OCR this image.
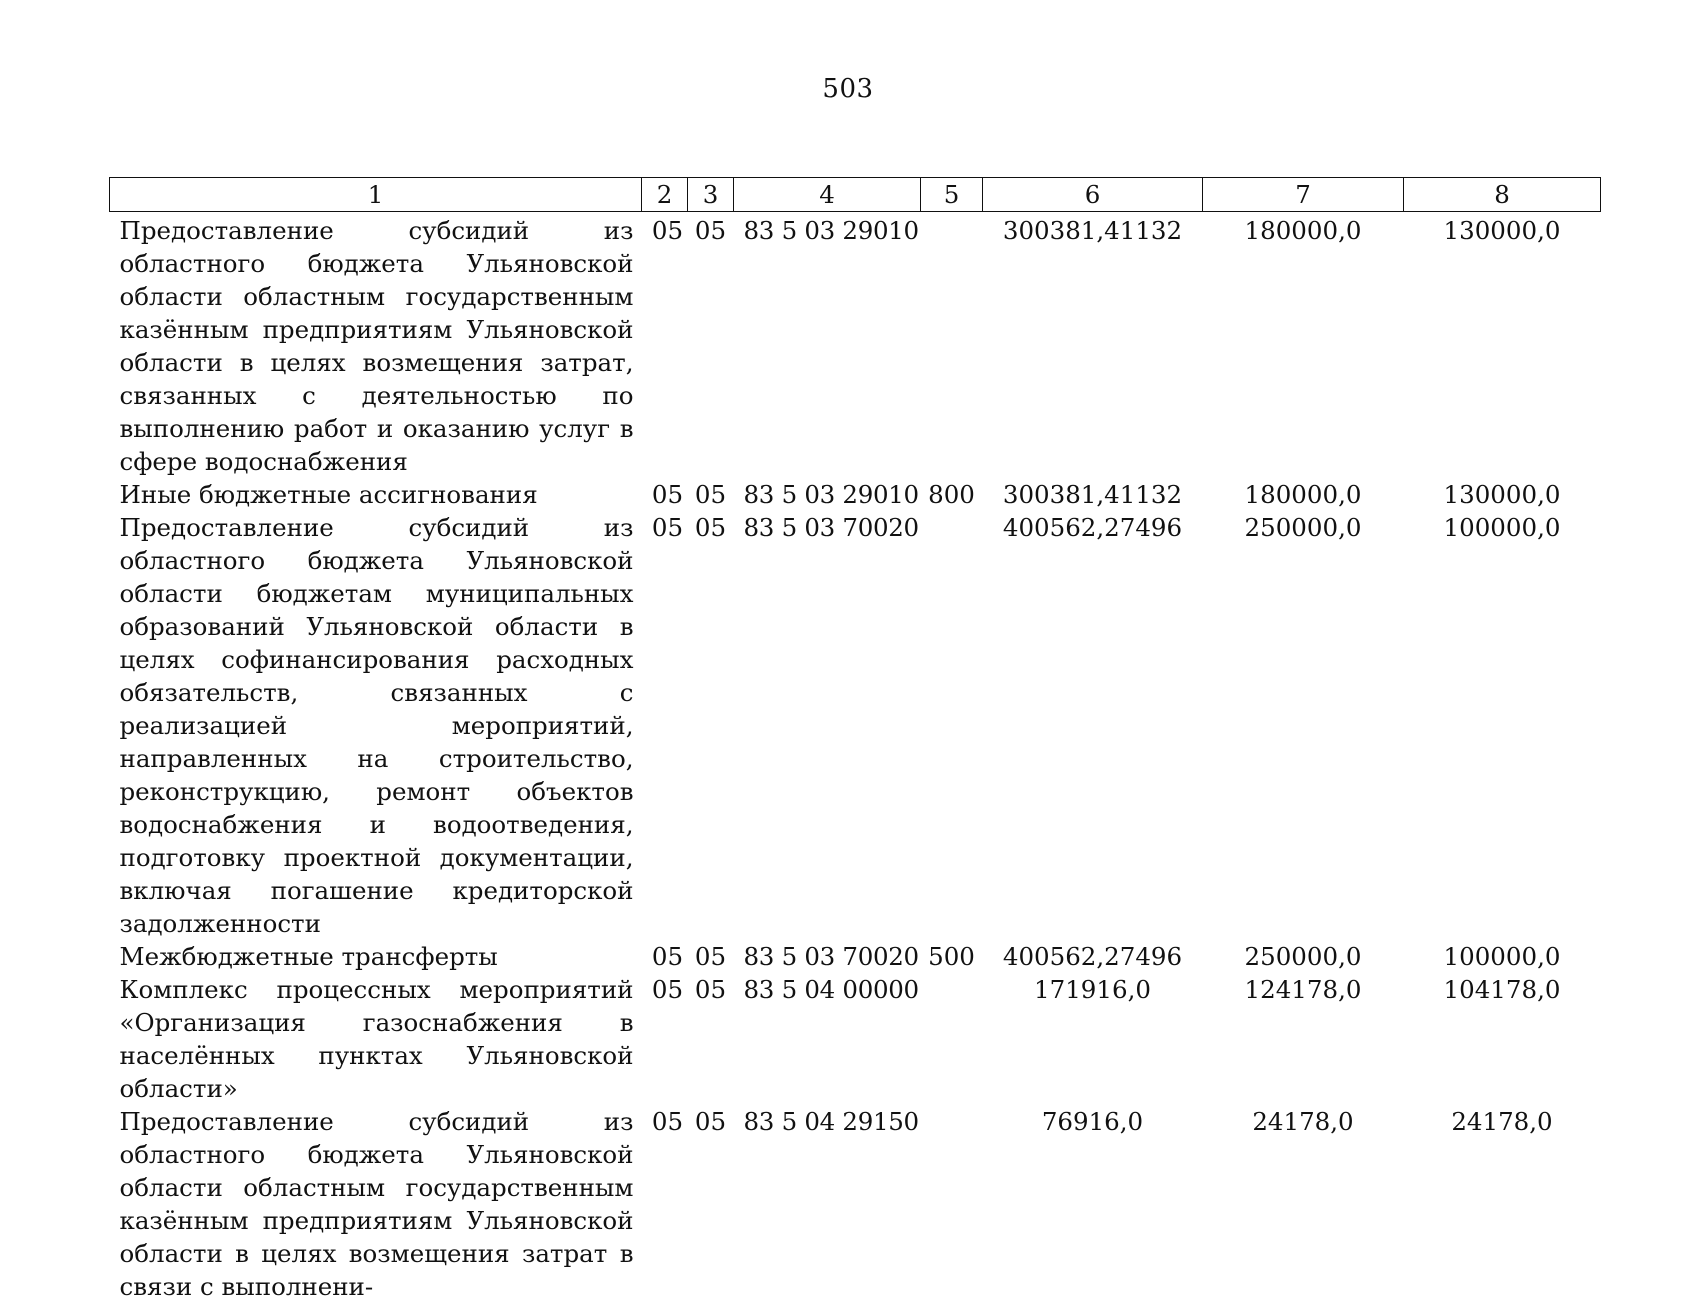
503
1	2	3	4	5	6	7	8
Предоставление субсидий из областного бюджета Ульяновской области областным государственным казённым предприятиям Ульяновской области в целях возмещения затрат, связанных с деятельностью по выполнению работ и оказанию услуг в сфере водоснабжения	05	05	83 5 03 29010		300381,41132	180000,0	130000,0
Иные бюджетные ассигнования	05	05	83 5 03 29010	800	300381,41132	180000,0	130000,0
Предоставление субсидий из областного бюджета Ульяновской области бюджетам муниципальных образований Ульяновской области в целях софинансирования расходных обязательств, связанных с реализацией мероприятий, направленных на строительство, реконструкцию, ремонт объектов водоснабжения и водоотведения, подготовку проектной документации, включая погашение кредиторской задолженности	05	05	83 5 03 70020		400562,27496	250000,0	100000,0
Межбюджетные трансферты	05	05	83 5 03 70020	500	400562,27496	250000,0	100000,0
Комплекс процессных мероприятий «Организация газоснабжения в населённых пунктах Ульяновской области»	05	05	83 5 04 00000		171916,0	124178,0	104178,0
Предоставление субсидий из областного бюджета Ульяновской области областным государственным казённым предприятиям Ульяновской области в целях возмещения затрат в связи с выполнени-	05	05	83 5 04 29150		76916,0	24178,0	24178,0
